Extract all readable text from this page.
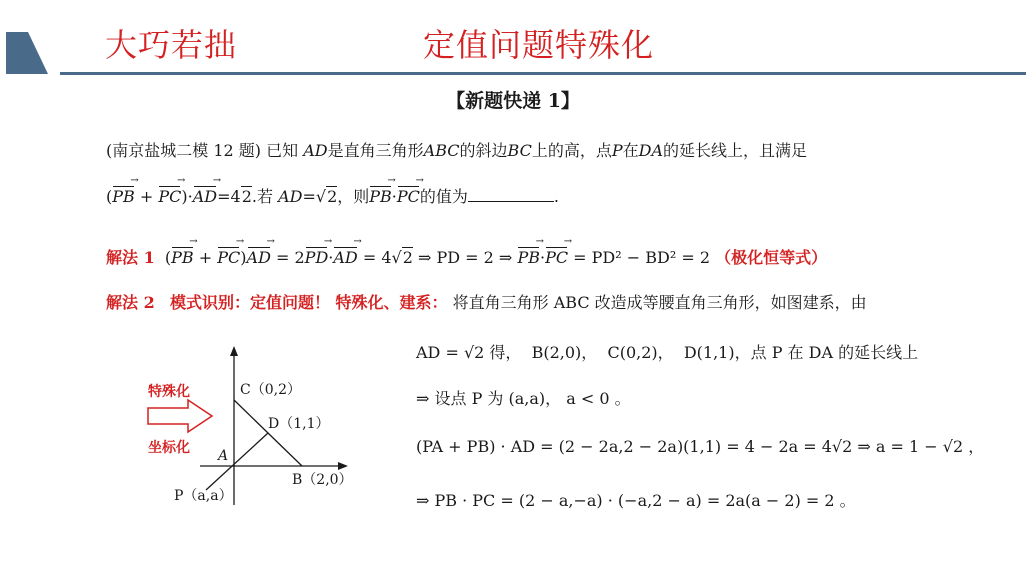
大巧若拙	定值问题特殊化
【新题快递 1】
(南京盐城二模 12 题) 已知 AD是直角三角形ABC的斜边BC上的高，点P在DA的延长线上，且满足
(PB → + PC →)·AD →=42.若 AD=√2，则PB →·PC →的值为	.
解法 1  (PB → + PC →)AD → = 2PD →·AD → = 4√2 ⇒ PD = 2 ⇒ PB →·PC → = PD² − BD² = 2 （极化恒等式）
解法 2 模式识别：定值问题！ 特殊化、建系： 将直角三角形 ABC 改造成等腰直角三角形，如图建系，由
AD = √2 得， B(2,0)， C(0,2)， D(1,1)，点 P 在 DA 的延长线上
⇒ 设点 P 为 (a,a)， a < 0 。
(PA + PB) · AD = (2 − 2a,2 − 2a)(1,1) = 4 − 2a = 4√2 ⇒ a = 1 − √2 ，
⇒ PB · PC = (2 − a,−a) · (−a,2 − a) = 2a(a − 2) = 2 。
特殊化
坐标化
C（0,2）
D（1,1）
A
B（2,0）
P（a,a）
